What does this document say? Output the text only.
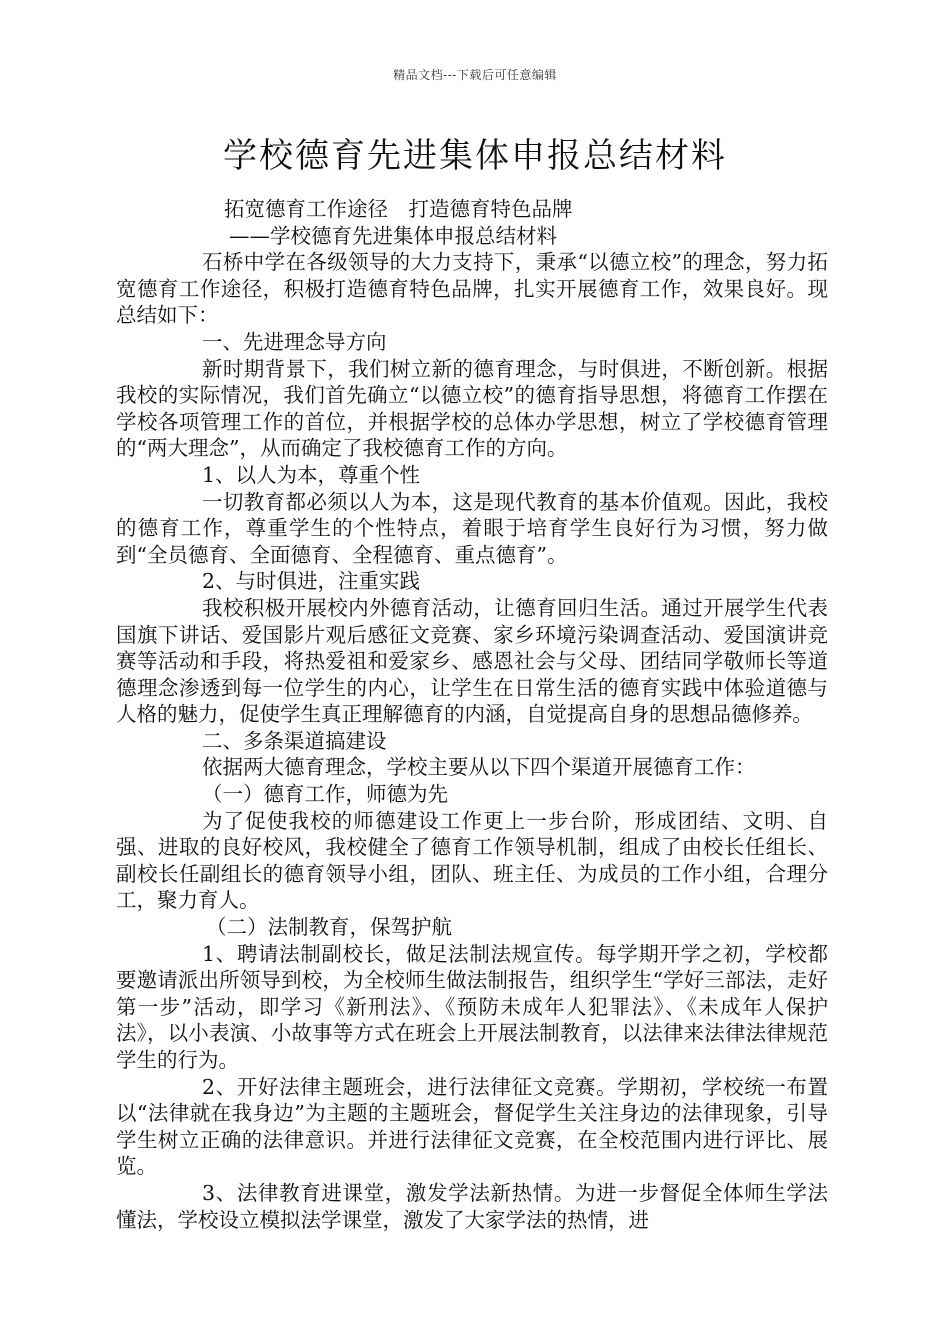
精品文档---下载后可任意编辑
学校德育先进集体申报总结材料

拓宽德育工作途径　打造德育特色品牌

——学校德育先进集体申报总结材料

石桥中学在各级领导的大力支持下，秉承“以德立校”的理念，努力拓宽德育工作途径，积极打造德育特色品牌，扎实开展德育工作，效果良好。现总结如下：

一、先进理念导方向

新时期背景下，我们树立新的德育理念，与时俱进，不断创新。根据我校的实际情况，我们首先确立“以德立校”的德育指导思想，将德育工作摆在学校各项管理工作的首位，并根据学校的总体办学思想，树立了学校德育管理的“两大理念”，从而确定了我校德育工作的方向。

1、以人为本，尊重个性

一切教育都必须以人为本，这是现代教育的基本价值观。因此，我校的德育工作，尊重学生的个性特点，着眼于培育学生良好行为习惯，努力做到“全员德育、全面德育、全程德育、重点德育”。

2、与时俱进，注重实践

我校积极开展校内外德育活动，让德育回归生活。通过开展学生代表国旗下讲话、爱国影片观后感征文竞赛、家乡环境污染调查活动、爱国演讲竞赛等活动和手段，将热爱祖和爱家乡、感恩社会与父母、团结同学敬师长等道德理念渗透到每一位学生的内心，让学生在日常生活的德育实践中体验道德与人格的魅力，促使学生真正理解德育的内涵，自觉提高自身的思想品德修养。

二、多条渠道搞建设

依据两大德育理念，学校主要从以下四个渠道开展德育工作：

（一）德育工作，师德为先

为了促使我校的师德建设工作更上一步台阶，形成团结、文明、自强、进取的良好校风，我校健全了德育工作领导机制，组成了由校长任组长、副校长任副组长的德育领导小组，团队、班主任、为成员的工作小组，合理分工，聚力育人。

（二）法制教育，保驾护航

1、聘请法制副校长，做足法制法规宣传。每学期开学之初，学校都要邀请派出所领导到校，为全校师生做法制报告，组织学生“学好三部法，走好第一步”活动，即学习《新刑法》、《预防未成年人犯罪法》、《未成年人保护法》，以小表演、小故事等方式在班会上开展法制教育，以法律来法律法律规范学生的行为。

2、开好法律主题班会，进行法律征文竞赛。学期初，学校统一布置以“法律就在我身边”为主题的主题班会，督促学生关注身边的法律现象，引导学生树立正确的法律意识。并进行法律征文竞赛，在全校范围内进行评比、展览。

3、法律教育进课堂，激发学法新热情。为进一步督促全体师生学法懂法，学校设立模拟法学课堂，激发了大家学法的热情，进
